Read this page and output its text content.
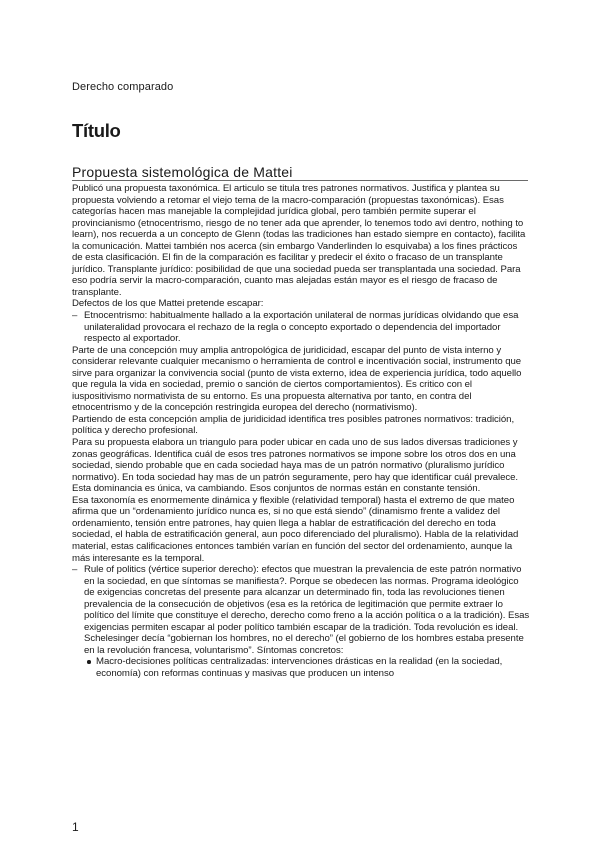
Derecho comparado
Título
Propuesta sistemológica de Mattei

Publicó una propuesta taxonómica. El articulo se titula tres patrones normativos. Justifica y plantea su propuesta volviendo a retomar el viejo tema de la macro-comparación (propuestas taxonómicas). Esas categorías hacen mas manejable la complejidad jurídica global, pero también permite superar el provincianismo (etnocentrismo, riesgo de no tener ada que aprender, lo tenemos todo avi dentro, nothing to learn), nos recuerda a un concepto de Glenn (todas las tradiciones han estado siempre en contacto), facilita la comunicación. Mattei también nos acerca (sin embargo Vanderlinden lo esquivaba) a los fines prácticos de esta clasificación. El fin de la comparación es facilitar y predecir el éxito o fracaso de un transplante jurídico. Transplante jurídico: posibilidad de que una sociedad pueda ser transplantada una sociedad. Para eso podría servir la macro-comparación, cuanto mas alejadas están mayor es el riesgo de fracaso de transplante.

Defectos de los que Mattei pretende escapar:

– Etnocentrismo: habitualmente hallado a la exportación unilateral de normas jurídicas olvidando que esa unilateralidad provocara el rechazo de la regla o concepto exportado o dependencia del importador respecto al exportador.

Parte de una concepción muy amplia antropológica de juridicidad, escapar del punto de vista interno y considerar relevante cualquier mecanismo o herramienta de control e incentivación social, instrumento que sirve para organizar la convivencia social (punto de vista externo, idea de experiencia jurídica, todo aquello que regula la vida en sociedad, premio o sanción de ciertos comportamientos). Es critico con el iuspositivismo normativista de su entorno. Es una propuesta alternativa por tanto, en contra del etnocentrismo y de la concepción restringida europea del derecho (normativismo).

Partiendo de esta concepción amplia de juridicidad identifica tres posibles patrones normativos: tradición, política y derecho profesional.

Para su propuesta elabora un triangulo para poder ubicar en cada uno de sus lados diversas tradiciones y zonas geográficas. Identifica cuál de esos tres patrones normativos se impone sobre los otros dos en una sociedad, siendo probable que en cada sociedad haya mas de un patrón normativo (pluralismo jurídico normativo). En toda sociedad hay mas de un patrón seguramente, pero hay que identificar cuál prevalece. Esta dominancia es única, va cambiando. Esos conjuntos de normas están en constante tensión.

Esa taxonomía es enormemente dinámica y flexible (relatividad temporal) hasta el extremo de que mateo afirma que un “ordenamiento jurídico nunca es, si no que está siendo” (dinamismo frente a validez del ordenamiento, tensión entre patrones, hay quien llega a hablar de estratificación del derecho en toda sociedad, el habla de estratificación general, aun poco diferenciado del pluralismo). Habla de la relatividad material, estas calificaciones entonces también varían en función del sector del ordenamiento, aunque la más interesante es la temporal.

– Rule of politics (vértice superior derecho): efectos que muestran la prevalencia de este patrón normativo en la sociedad, en que síntomas se manifiesta?. Porque se obedecen las normas. Programa ideológico de exigencias concretas del presente para alcanzar un determinado fin, toda las revoluciones tienen prevalencia de la consecución de objetivos (esa es la retórica de legitimación que permite extraer lo político del límite que constituye el derecho, derecho como freno a la acción política o a la tradición). Esas exigencias permiten escapar al poder político también escapar de la tradición. Toda revolución es ideal. Schelesinger decía “gobiernan los hombres, no el derecho” (el gobierno de los hombres estaba presente en la revolución francesa, voluntarismo”. Síntomas concretos:

Macro-decisiones políticas centralizadas: intervenciones drásticas en la realidad (en la sociedad, economía) con reformas continuas y masivas que producen un intenso

1
